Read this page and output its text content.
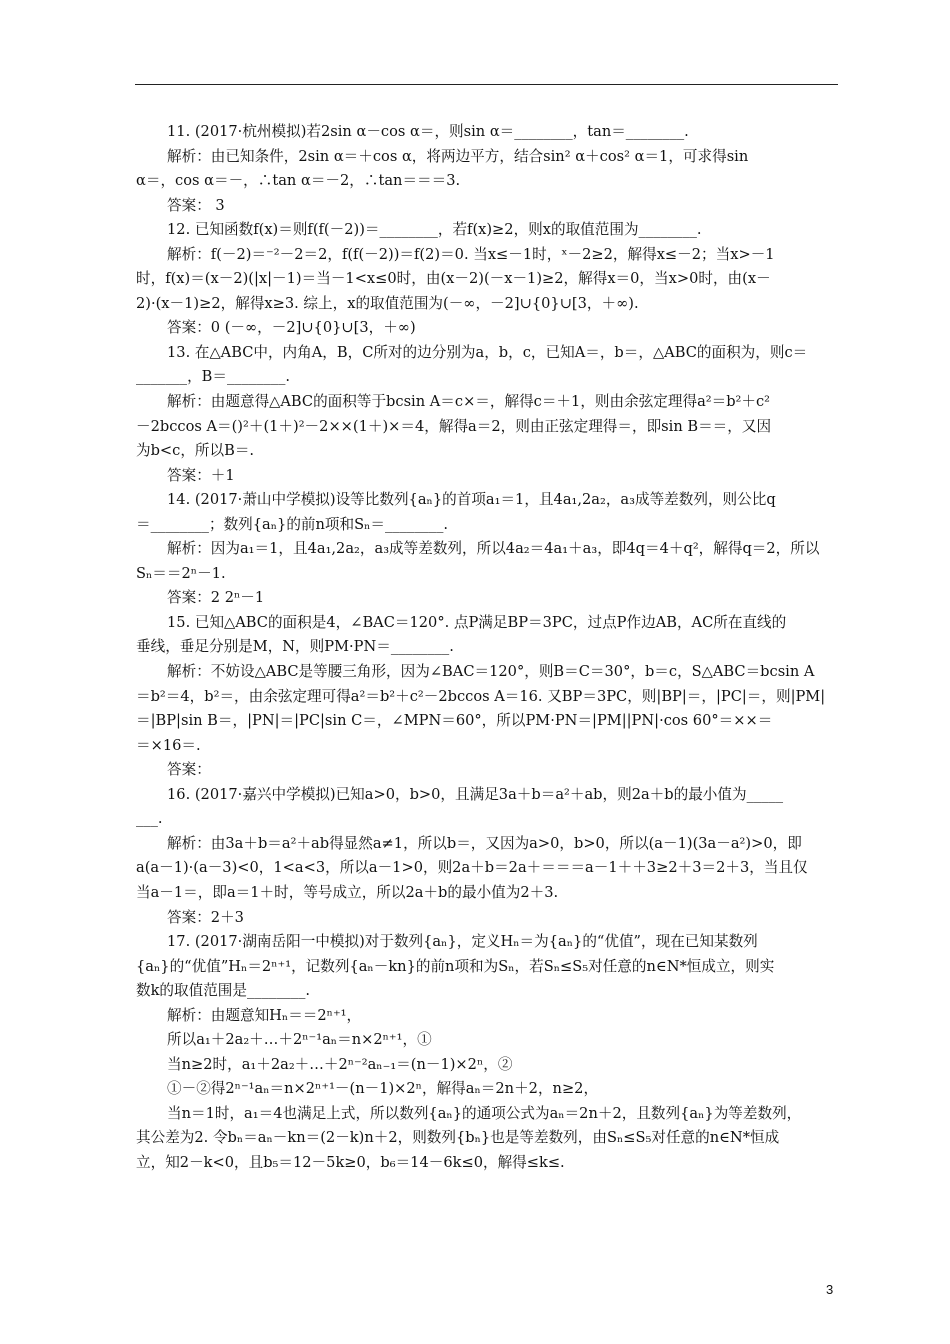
11. (2017·杭州模拟)若2sin α－cos α＝，则sin α＝________，tan＝________.
解析：由已知条件，2sin α＝＋cos α，将两边平方，结合sin² α＋cos² α＝1，可求得sin
α＝，cos α＝－，∴tan α＝－2，∴tan＝＝＝3.
答案： 3
12. 已知函数f(x)＝则f(f(－2))＝________，若f(x)≥2，则x的取值范围为________.
解析：f(－2)＝⁻²－2＝2，f(f(－2))＝f(2)＝0. 当x≤－1时，ˣ－2≥2，解得x≤－2；当x>－1
时，f(x)＝(x－2)(|x|－1)＝当－1<x≤0时，由(x－2)(－x－1)≥2，解得x＝0，当x>0时，由(x－
2)·(x－1)≥2，解得x≥3. 综上，x的取值范围为(－∞，－2]∪{0}∪[3，＋∞).
答案：0 (－∞，－2]∪{0}∪[3，＋∞)
13. 在△ABC中，内角A，B，C所对的边分别为a，b，c，已知A＝，b＝，△ABC的面积为，则c＝
_______，B＝________.
解析：由题意得△ABC的面积等于bcsin A＝c×＝，解得c＝＋1，则由余弦定理得a²＝b²＋c²
－2bccos A＝()²＋(1＋)²－2××(1＋)×＝4，解得a＝2，则由正弦定理得＝，即sin B＝＝，又因
为b<c，所以B＝.
答案：＋1
14. (2017·萧山中学模拟)设等比数列{aₙ}的首项a₁＝1，且4a₁,2a₂，a₃成等差数列，则公比q
＝________；数列{aₙ}的前n项和Sₙ＝________.
解析：因为a₁＝1，且4a₁,2a₂，a₃成等差数列，所以4a₂＝4a₁＋a₃，即4q＝4＋q²，解得q＝2，所以
Sₙ＝＝2ⁿ－1.
答案：2 2ⁿ－1
15. 已知△ABC的面积是4，∠BAC＝120°. 点P满足BP＝3PC，过点P作边AB，AC所在直线的
垂线，垂足分别是M，N，则PM·PN＝________.
解析：不妨设△ABC是等腰三角形，因为∠BAC＝120°，则B＝C＝30°，b＝c，S△ABC＝bcsin A
＝b²＝4，b²＝，由余弦定理可得a²＝b²＋c²－2bccos A＝16. 又BP＝3PC，则|BP|＝，|PC|＝，则|PM|
＝|BP|sin B＝，|PN|＝|PC|sin C＝，∠MPN＝60°，所以PM·PN＝|PM||PN|·cos 60°＝××＝
＝×16＝.
答案：
16. (2017·嘉兴中学模拟)已知a>0，b>0，且满足3a＋b＝a²＋ab，则2a＋b的最小值为_____
___.
解析：由3a＋b＝a²＋ab得显然a≠1，所以b＝，又因为a>0，b>0，所以(a－1)(3a－a²)>0，即
a(a－1)·(a－3)<0，1<a<3，所以a－1>0，则2a＋b＝2a＋＝＝＝a－1＋＋3≥2＋3＝2＋3，当且仅
当a－1＝，即a＝1＋时，等号成立，所以2a＋b的最小值为2＋3.
答案：2＋3
17. (2017·湖南岳阳一中模拟)对于数列{aₙ}，定义Hₙ＝为{aₙ}的“优值”，现在已知某数列
{aₙ}的“优值”Hₙ＝2ⁿ⁺¹，记数列{aₙ－kn}的前n项和为Sₙ，若Sₙ≤S₅对任意的n∈N*恒成立，则实
数k的取值范围是________.
解析：由题意知Hₙ＝＝2ⁿ⁺¹，
所以a₁＋2a₂＋…＋2ⁿ⁻¹aₙ＝n×2ⁿ⁺¹，①
当n≥2时，a₁＋2a₂＋…＋2ⁿ⁻²aₙ₋₁＝(n－1)×2ⁿ，②
①－②得2ⁿ⁻¹aₙ＝n×2ⁿ⁺¹－(n－1)×2ⁿ，解得aₙ＝2n＋2，n≥2，
当n＝1时，a₁＝4也满足上式，所以数列{aₙ}的通项公式为aₙ＝2n＋2，且数列{aₙ}为等差数列，
其公差为2. 令bₙ＝aₙ－kn＝(2－k)n＋2，则数列{bₙ}也是等差数列，由Sₙ≤S₅对任意的n∈N*恒成
立，知2－k<0，且b₅＝12－5k≥0，b₆＝14－6k≤0，解得≤k≤.
3
